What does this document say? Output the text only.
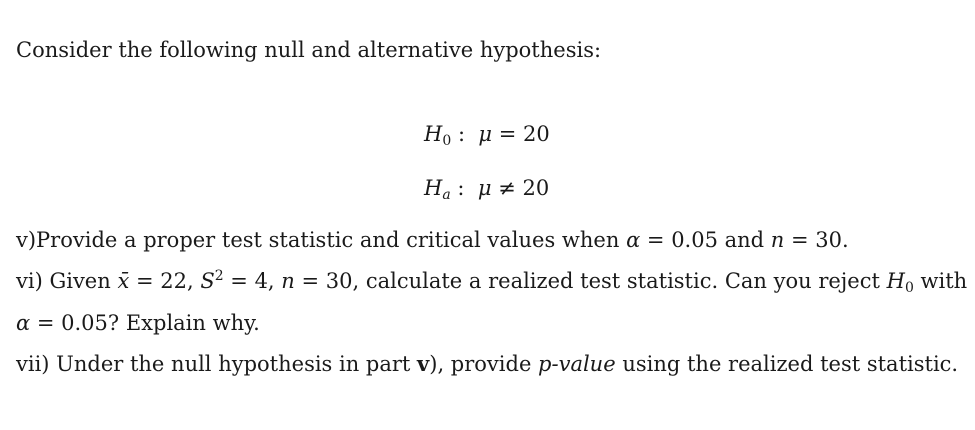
Consider the following null and alternative hypothesis:
$H_0$ : μ = 20
$H_a$ : μ ≠ 20
v)Provide a proper test statistic and critical values when α = 0.05 and n = 30.
vi) Given x̄ = 22, $S^2 = 4$, n = 30, calculate a realized test statistic. Can you reject $H_0$ with
α = 0.05? Explain why.
vii) Under the null hypothesis in part v), provide p-value using the realized test statistic.
